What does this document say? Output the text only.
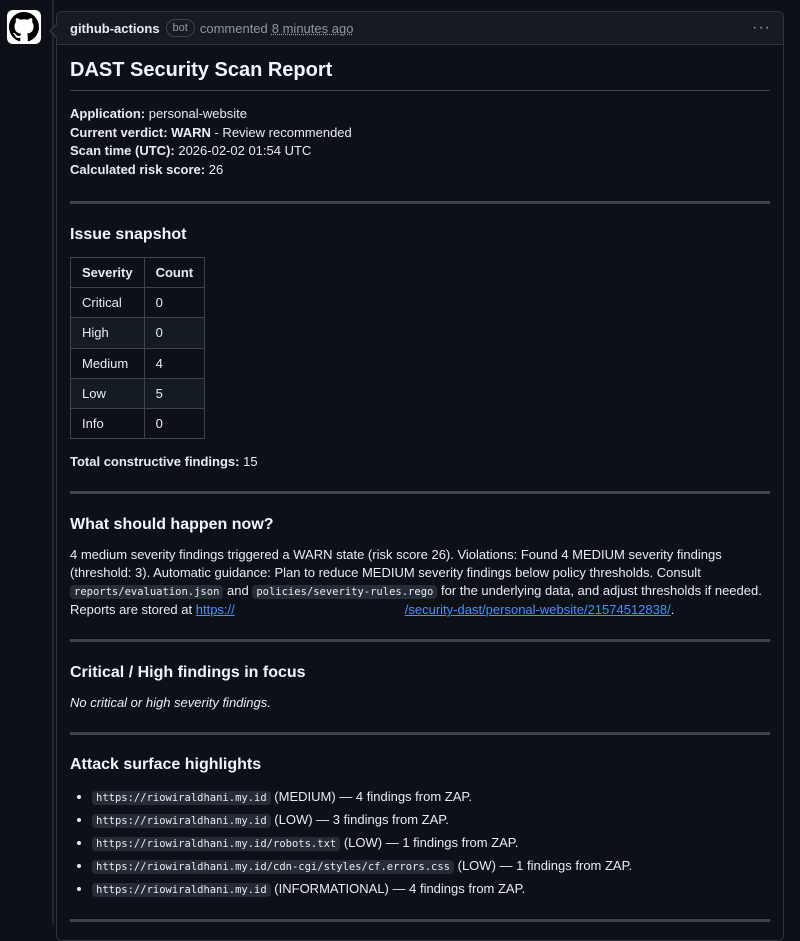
github-actions	bot commented 8 minutes ago	···
DAST Security Scan Report

Application: personal-website

Current verdict: WARN - Review recommended

Scan time (UTC): 2026-02-02 01:54 UTC

Calculated risk score: 26

Issue snapshot
Severity	Count
Critical	0
High	0
Medium	4
Low	5
Info	0

Total constructive findings: 15

What should happen now?

4 medium severity findings triggered a WARN state (risk score 26). Violations: Found 4 MEDIUM severity findings (threshold: 3). Automatic guidance: Plan to reduce MEDIUM severity findings below policy thresholds. Consult reports/evaluation.json and policies/severity-rules.rego for the underlying data, and adjust thresholds if needed. Reports are stored at https://	/security-dast/personal-website/21574512838/.

Critical / High findings in focus

No critical or high severity findings.

Attack surface highlights
• https://riowiraldhani.my.id (MEDIUM) — 4 findings from ZAP.
• https://riowiraldhani.my.id (LOW) — 3 findings from ZAP.
• https://riowiraldhani.my.id/robots.txt (LOW) — 1 findings from ZAP.
• https://riowiraldhani.my.id/cdn-cgi/styles/cf.errors.css (LOW) — 1 findings from ZAP.
• https://riowiraldhani.my.id (INFORMATIONAL) — 4 findings from ZAP.
